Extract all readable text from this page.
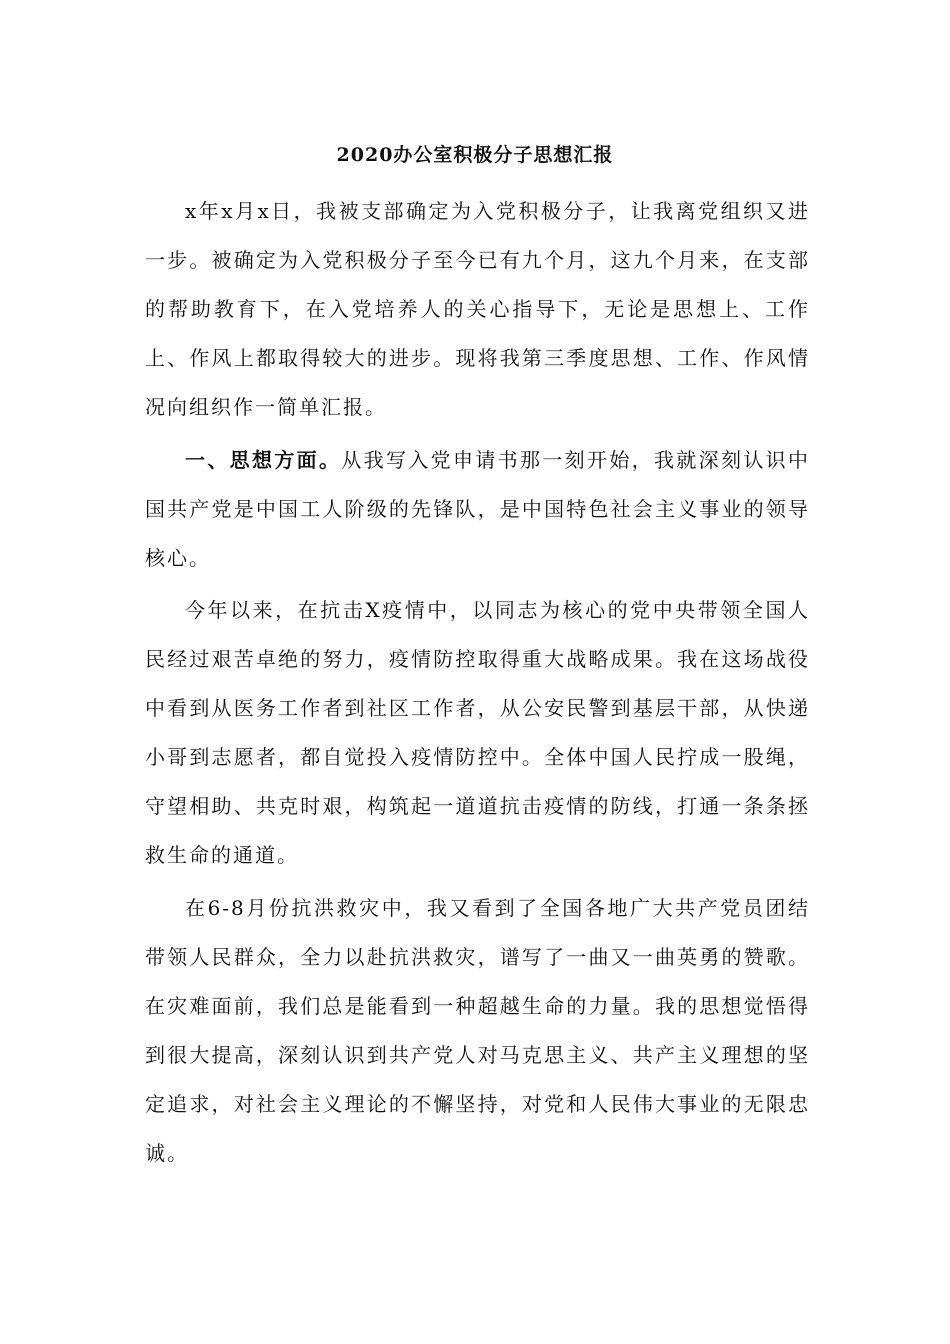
2020办公室积极分子思想汇报

x年x月x日，我被支部确定为入党积极分子，让我离党组织又进一步。被确定为入党积极分子至今已有九个月，这九个月来，在支部的帮助教育下，在入党培养人的关心指导下，无论是思想上、工作上、作风上都取得较大的进步。现将我第三季度思想、工作、作风情况向组织作一简单汇报。

一、思想方面。从我写入党申请书那一刻开始，我就深刻认识中国共产党是中国工人阶级的先锋队，是中国特色社会主义事业的领导核心。

今年以来，在抗击X疫情中，以同志为核心的党中央带领全国人民经过艰苦卓绝的努力，疫情防控取得重大战略成果。我在这场战役中看到从医务工作者到社区工作者，从公安民警到基层干部，从快递小哥到志愿者，都自觉投入疫情防控中。全体中国人民拧成一股绳，守望相助、共克时艰，构筑起一道道抗击疫情的防线，打通一条条拯救生命的通道。

在6-8月份抗洪救灾中，我又看到了全国各地广大共产党员团结带领人民群众，全力以赴抗洪救灾，谱写了一曲又一曲英勇的赞歌。在灾难面前，我们总是能看到一种超越生命的力量。我的思想觉悟得到很大提高，深刻认识到共产党人对马克思主义、共产主义理想的坚定追求，对社会主义理论的不懈坚持，对党和人民伟大事业的无限忠诚。
